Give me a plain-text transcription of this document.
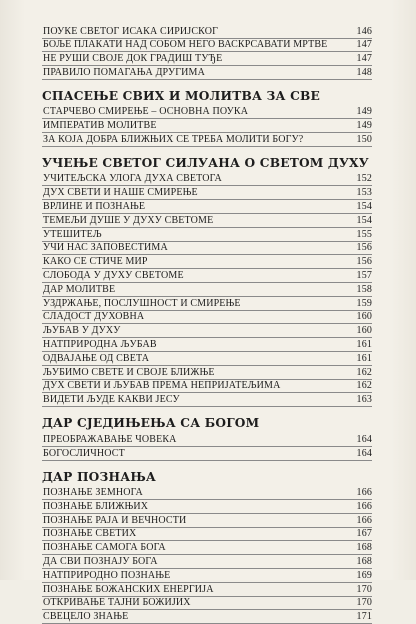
ПОУКЕ СВЕТОГ ИСАКА СИРИЈСКОГ	146
БОЉЕ ПЛАКАТИ НАД СОБОМ НЕГО ВАСКРСАВАТИ МРТВЕ	147
НЕ РУШИ СВОЈЕ ДОК ГРАДИШ ТУЂЕ	147
ПРАВИЛО ПОМАГАЊА ДРУГИМА	148
СПАСЕЊЕ СВИХ И МОЛИТВА ЗА СВЕ
СТАРЧЕВО СМИРЕЊЕ – ОСНОВНА ПОУКА	149
ИМПЕРАТИВ МОЛИТВЕ	149
ЗА КОЈА ДОБРА БЛИЖЊИХ СЕ ТРЕБА МОЛИТИ БОГУ?	150
УЧЕЊЕ СВЕТОГ СИЛУАНА О СВЕТОМ ДУХУ
УЧИТЕЉСКА УЛОГА ДУХА СВЕТОГА	152
ДУХ СВЕТИ И НАШЕ СМИРЕЊЕ	153
ВРЛИНЕ И ПОЗНАЊЕ	154
ТЕМЕЉИ ДУШЕ У ДУХУ СВЕТОМЕ	154
УТЕШИТЕЉ	155
УЧИ НАС ЗАПОВЕСТИМА	156
КАКО СЕ СТИЧЕ МИР	156
СЛОБОДА У ДУХУ СВЕТОМЕ	157
ДАР МОЛИТВЕ	158
УЗДРЖАЊЕ, ПОСЛУШНОСТ И СМИРЕЊЕ	159
СЛАДОСТ ДУХОВНА	160
ЉУБАВ У ДУХУ	160
НАТПРИРОДНА ЉУБАВ	161
ОДВАЈАЊЕ ОД СВЕТА	161
ЉУБИМО СВЕТЕ И СВОЈЕ БЛИЖЊЕ	162
ДУХ СВЕТИ И ЉУБАВ ПРЕМА НЕПРИЈАТЕЉИМА	162
ВИДЕТИ ЉУДЕ КАКВИ ЈЕСУ	163
ДАР СЈЕДИЊЕЊА СА БОГОМ
ПРЕОБРАЖАВАЊЕ ЧОВЕКА	164
БОГОСЛИЧНОСТ	164
ДАР ПОЗНАЊА
ПОЗНАЊЕ ЗЕМНОГА	166
ПОЗНАЊЕ БЛИЖЊИХ	166
ПОЗНАЊЕ РАЈА И ВЕЧНОСТИ	166
ПОЗНАЊЕ СВЕТИХ	167
ПОЗНАЊЕ САМОГА БОГА	168
ДА СВИ ПОЗНАЈУ БОГА	168
НАТПРИРОДНО ПОЗНАЊЕ	169
ПОЗНАЊЕ БОЖАНСКИХ ЕНЕРГИЈА	170
ОТКРИВАЊЕ ТАЈНИ БОЖИЈИХ	170
СВЕЦЕЛО ЗНАЊЕ	171
